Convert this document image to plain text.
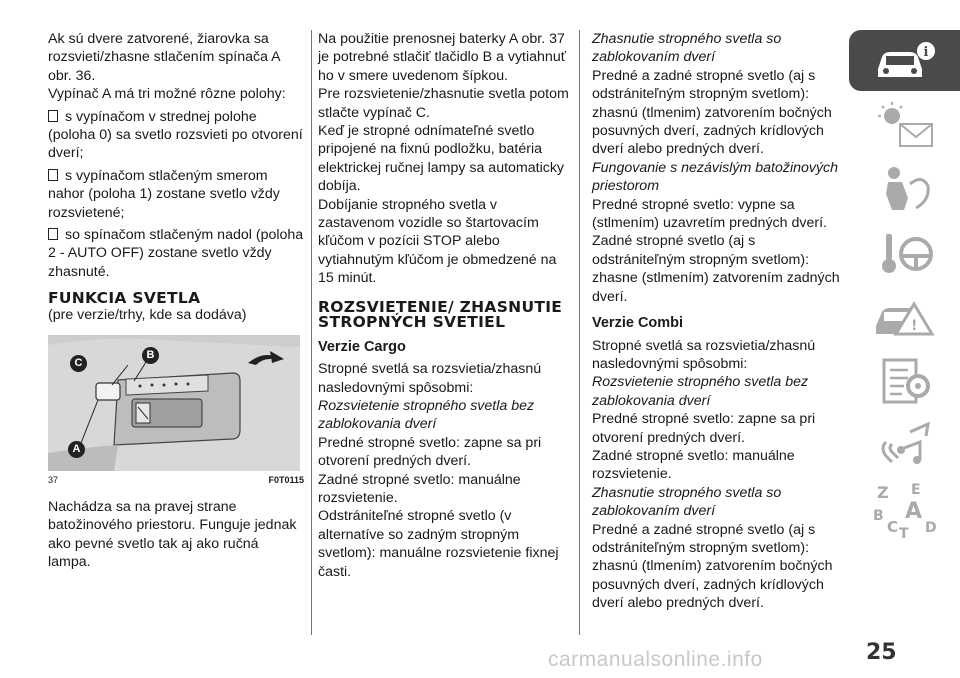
Ak sú dvere zatvorené, žiarovka sa rozsvieti/zhasne stlačením spínača A obr. 36.

Vypínač A má tri možné rôzne polohy:

s vypínačom v strednej polohe (poloha 0) sa svetlo rozsvieti po otvorení dverí;

s vypínačom stlačeným smerom nahor (poloha 1) zostane svetlo vždy rozsvietené;

so spínačom stlačeným nadol (poloha 2 - AUTO OFF) zostane svetlo vždy zhasnuté.

FUNKCIA SVETLA

(pre verzie/trhy, kde sa dodáva)

C
B
A
37	F0T0115

Nachádza sa na pravej strane batožinového priestoru. Funguje jednak ako pevné svetlo tak aj ako ručná lampa.

Na použitie prenosnej baterky A obr. 37 je potrebné stlačiť tlačidlo B a vytiahnuť ho v smere uvedenom šípkou.

Pre rozsvietenie/zhasnutie svetla potom stlačte vypínač C.

Keď je stropné odnímateľné svetlo pripojené na fixnú podložku, batéria elektrickej ručnej lampy sa automaticky dobíja.

Dobíjanie stropného svetla v zastavenom vozidle so štartovacím kľúčom v pozícii STOP alebo vytiahnutým kľúčom je obmedzené na 15 minút.

ROZSVIETENIE/ ZHASNUTIE STROPNÝCH SVETIEL

Verzie Cargo

Stropné svetlá sa rozsvietia/zhasnú nasledovnými spôsobmi:

Rozsvietenie stropného svetla bez zablokovania dverí

Predné stropné svetlo: zapne sa pri otvorení predných dverí.

Zadné stropné svetlo: manuálne rozsvietenie.

Odstrániteľné stropné svetlo (v alternatíve so zadným stropným svetlom): manuálne rozsvietenie fixnej časti.

Zhasnutie stropného svetla so zablokovaním dverí

Predné a zadné stropné svetlo (aj s odstrániteľným stropným svetlom): zhasnú (tlmenim) zatvorením bočných posuvných dverí, zadných krídlových dverí alebo predných dverí.

Fungovanie s nezávislým batožinových priestorom

Predné stropné svetlo: vypne sa (stlmením) uzavretím predných dverí.

Zadné stropné svetlo (aj s odstrániteľným stropným svetlom): zhasne (stlmením) zatvorením zadných dverí.

Verzie Combi

Stropné svetlá sa rozsvietia/zhasnú nasledovnými spôsobmi:

Rozsvietenie stropného svetla bez zablokovania dverí

Predné stropné svetlo: zapne sa pri otvorení predných dverí.

Zadné stropné svetlo: manuálne rozsvietenie.

Zhasnutie stropného svetla so zablokovaním dverí

Predné a zadné stropné svetlo (aj s odstrániteľným stropným svetlom): zhasnú (tlmením) zatvorením bočných posuvných dverí, zadných krídlových dverí alebo predných dverí.

i
!
Z E
B A
C T D
25
carmanualsonline.info
